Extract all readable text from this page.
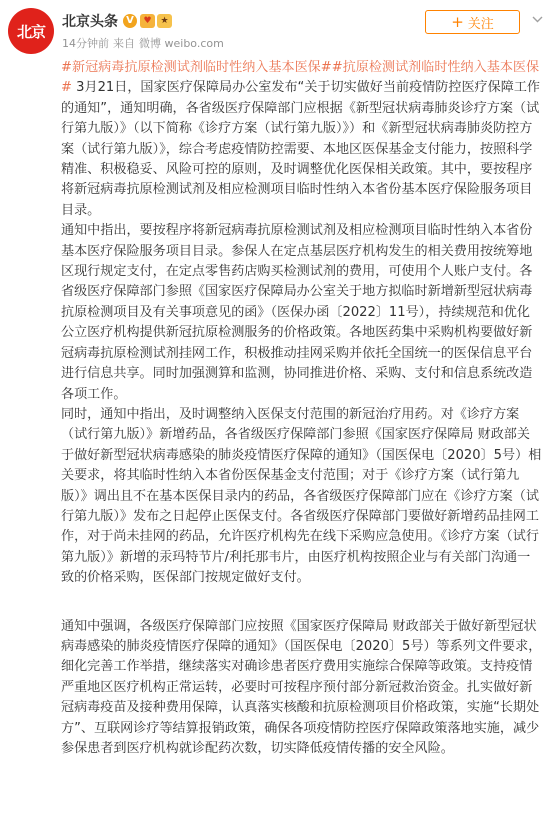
北京
北京头条 V	♥ ★
14分钟前 来自 微博 weibo.com
+ 关注

#新冠病毒抗原检测试剂临时性纳入基本医保##抗原检测试剂临时性纳入基本医保# 3月21日，国家医疗保障局办公室发布“关于切实做好当前疫情防控医疗保障工作的通知”，通知明确，各省级医疗保障部门应根据《新型冠状病毒肺炎诊疗方案（试行第九版）》（以下简称《诊疗方案（试行第九版）》）和《新型冠状病毒肺炎防控方案（试行第九版）》，综合考虑疫情防控需要、本地区医保基金支付能力，按照科学精准、积极稳妥、风险可控的原则，及时调整优化医保相关政策。其中，要按程序将新冠病毒抗原检测试剂及相应检测项目临时性纳入本省份基本医疗保险服务项目目录。

通知中指出，要按程序将新冠病毒抗原检测试剂及相应检测项目临时性纳入本省份基本医疗保险服务项目目录。参保人在定点基层医疗机构发生的相关费用按统筹地区现行规定支付，在定点零售药店购买检测试剂的费用，可使用个人账户支付。各省级医疗保障部门参照《国家医疗保障局办公室关于地方拟临时新增新型冠状病毒抗原检测项目及有关事项意见的函》（医保办函〔2022〕11号），持续规范和优化公立医疗机构提供新冠抗原检测服务的价格政策。各地医药集中采购机构要做好新冠病毒抗原检测试剂挂网工作，积极推动挂网采购并依托全国统一的医保信息平台进行信息共享。同时加强测算和监测，协同推进价格、采购、支付和信息系统改造各项工作。

同时，通知中指出，及时调整纳入医保支付范围的新冠治疗用药。对《诊疗方案（试行第九版）》新增药品，各省级医疗保障部门参照《国家医疗保障局 财政部关于做好新型冠状病毒感染的肺炎疫情医疗保障的通知》（国医保电〔2020〕5号）相关要求，将其临时性纳入本省份医保基金支付范围；对于《诊疗方案（试行第九版）》调出且不在基本医保目录内的药品，各省级医疗保障部门应在《诊疗方案（试行第九版）》发布之日起停止医保支付。各省级医疗保障部门要做好新增药品挂网工作，对于尚未挂网的药品，允许医疗机构先在线下采购应急使用。《诊疗方案（试行第九版）》新增的汞玛特节片/利托那韦片，由医疗机构按照企业与有关部门沟通一致的价格采购，医保部门按规定做好支付。

通知中强调，各级医疗保障部门应按照《国家医疗保障局 财政部关于做好新型冠状病毒感染的肺炎疫情医疗保障的通知》（国医保电〔2020〕5号）等系列文件要求，细化完善工作举措，继续落实对确诊患者医疗费用实施综合保障等政策。支持疫情严重地区医疗机构正常运转，必要时可按程序预付部分新冠救治资金。扎实做好新冠病毒疫苗及接种费用保障，认真落实核酸和抗原检测项目价格政策，实施“长期处方”、互联网诊疗等结算报销政策，确保各项疫情防控医疗保障政策落地实施，减少参保患者到医疗机构就诊配药次数，切实降低疫情传播的安全风险。
